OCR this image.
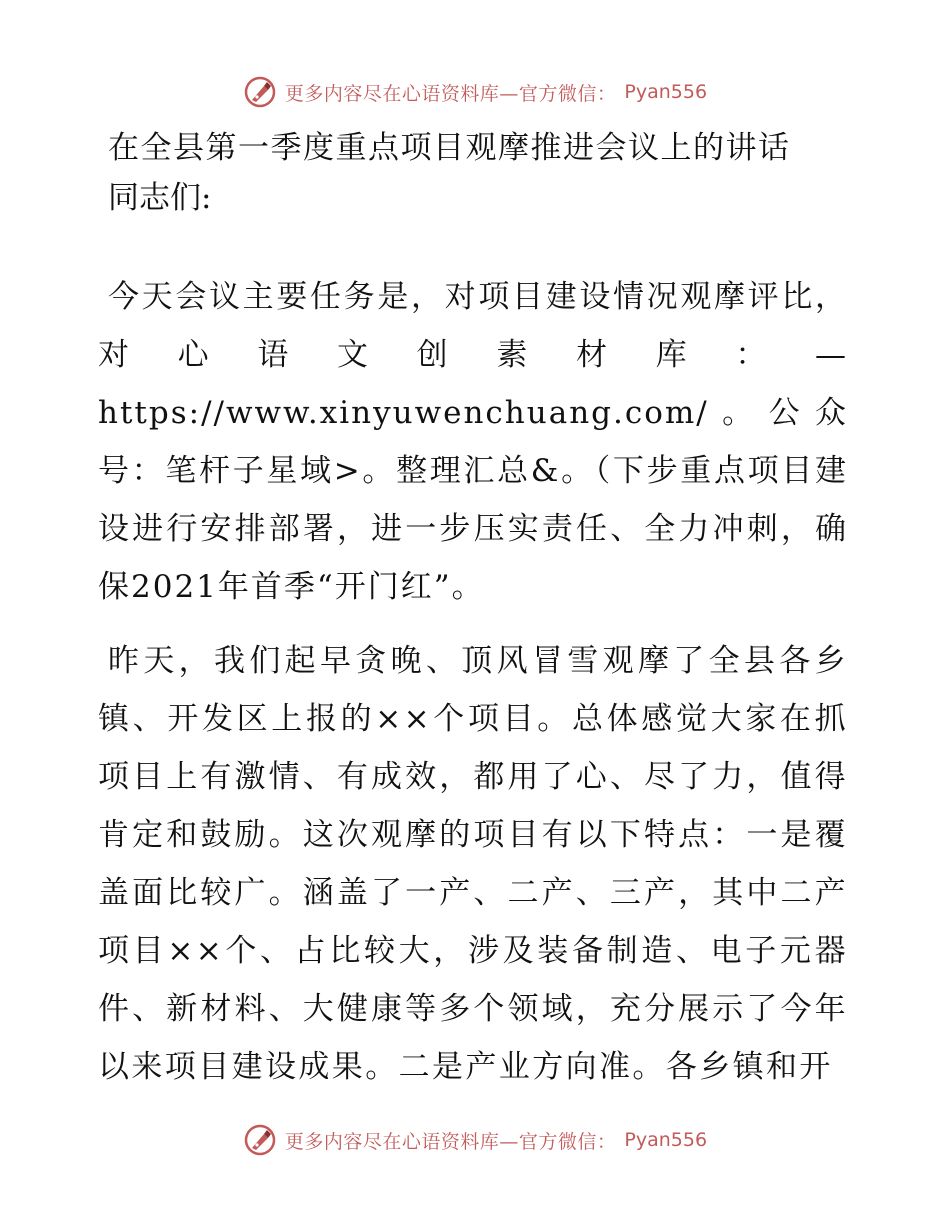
更多内容尽在心语资料库—官方微信： Pyan556
在全县第一季度重点项目观摩推进会议上的讲话

同志们:

今天会议主要任务是，对项目建设情况观摩评比，对心语文创素材库：—https://www.xinyuwenchuang.com/。公众号：笔杆子星域>。整理汇总&。（下步重点项目建设进行安排部署，进一步压实责任、全力冲刺，确保2021年首季“开门红”。

昨天，我们起早贪晚、顶风冒雪观摩了全县各乡镇、开发区上报的××个项目。总体感觉大家在抓项目上有激情、有成效，都用了心、尽了力，值得肯定和鼓励。这次观摩的项目有以下特点：一是覆盖面比较广。涵盖了一产、二产、三产，其中二产项目××个、占比较大，涉及装备制造、电子元器件、新材料、大健康等多个领域，充分展示了今年以来项目建设成果。二是产业方向准。各乡镇和开

更多内容尽在心语资料库—官方微信： Pyan556
